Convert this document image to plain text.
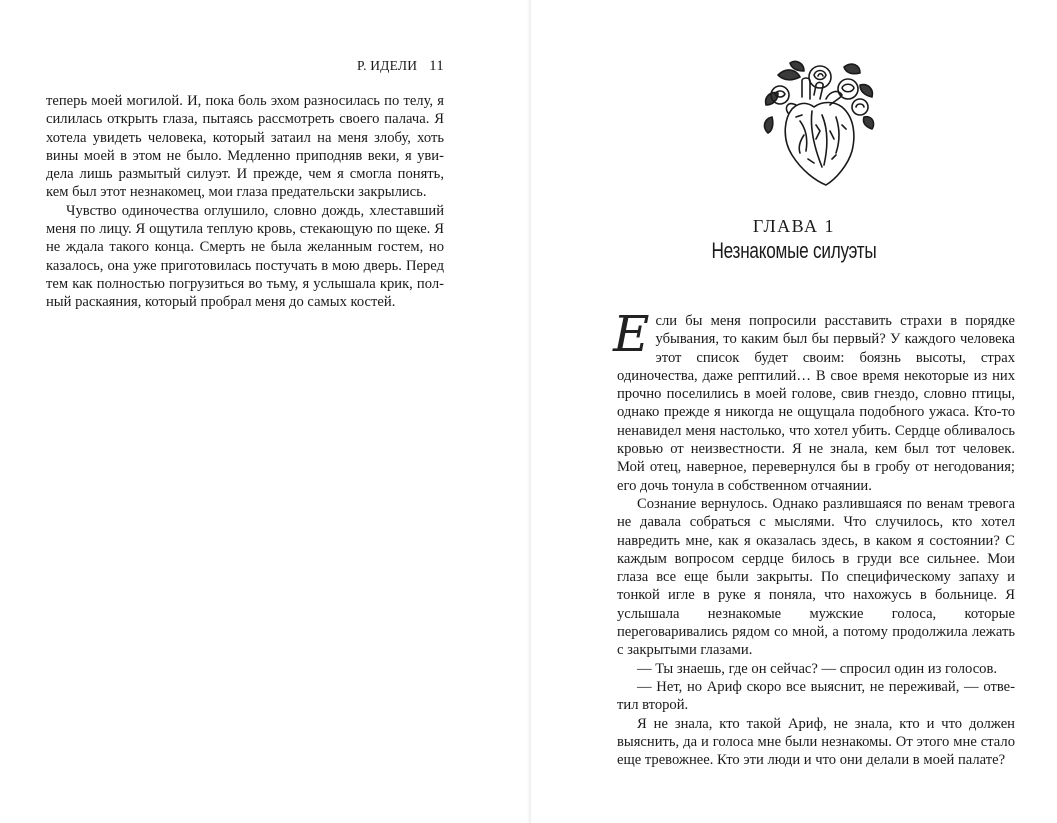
Р. ИДЕЛИ 11

теперь моей могилой. И, пока боль эхом разносилась по телу, я силилась открыть глаза, пытаясь рассмотреть своего палача. Я хотела увидеть человека, который затаил на меня злобу, хоть вины моей в этом не было. Медленно приподняв веки, я увидела лишь размытый силуэт. И прежде, чем я смогла понять, кем был этот незнакомец, мои глаза предательски закрылись.

Чувство одиночества оглушило, словно дождь, хлеставший меня по лицу. Я ощутила теплую кровь, стекающую по щеке. Я не ждала такого конца. Смерть не была желанным гостем, но казалось, она уже приготовилась постучать в мою дверь. Перед тем как полностью погрузиться во тьму, я услышала крик, полный раскаяния, который пробрал меня до самых костей.

ГЛАВА 1
Незнакомые силуэты

Если бы меня попросили расставить страхи в порядке убывания, то каким был бы первый? У каждого человека этот список будет своим: боязнь высоты, страх одиночества, даже рептилий… В свое время некоторые из них прочно поселились в моей голове, свив гнездо, словно птицы, однако прежде я никогда не ощущала подобного ужаса. Кто-то ненавидел меня настолько, что хотел убить. Сердце обливалось кровью от неизвестности. Я не знала, кем был тот человек. Мой отец, наверное, перевернулся бы в гробу от негодования; его дочь тонула в собственном отчаянии.

Сознание вернулось. Однако разлившаяся по венам тревога не давала собраться с мыслями. Что случилось, кто хотел навредить мне, как я оказалась здесь, в каком я состоянии? С каждым вопросом сердце билось в груди все сильнее. Мои глаза все еще были закрыты. По специфическому запаху и тонкой игле в руке я поняла, что нахожусь в больнице. Я услышала незнакомые мужские голоса, которые переговаривались рядом со мной, а потому продолжила лежать с закрытыми глазами.

— Ты знаешь, где он сейчас? — спросил один из голосов.

— Нет, но Ариф скоро все выяснит, не переживай, — ответил второй.

Я не знала, кто такой Ариф, не знала, кто и что должен выяснить, да и голоса мне были незнакомы. От этого мне стало еще тревожнее. Кто эти люди и что они делали в моей палате?
